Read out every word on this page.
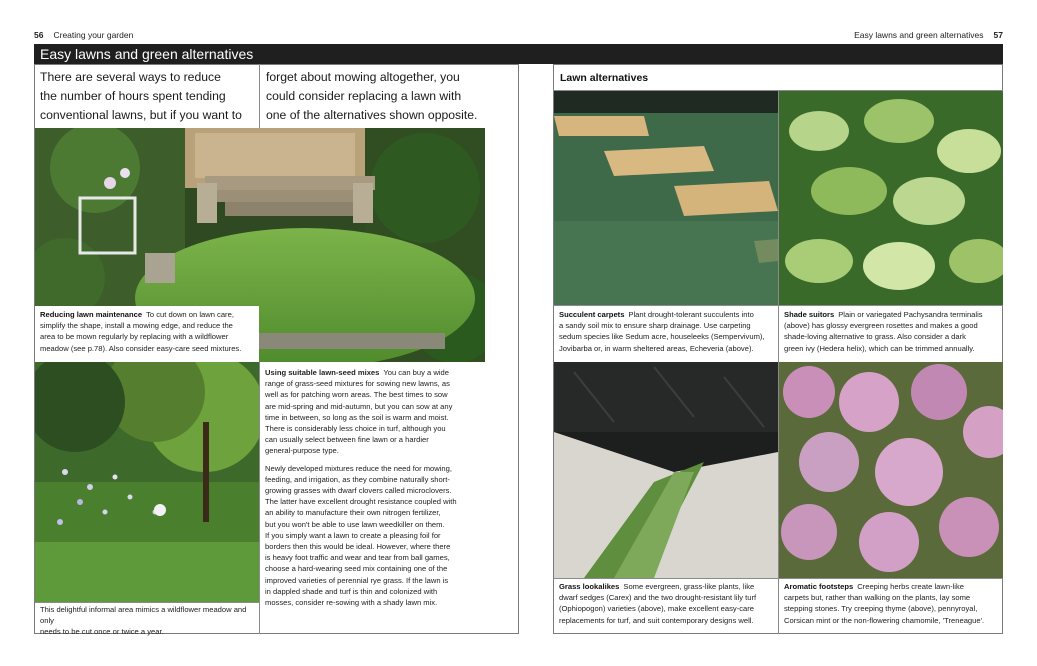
56 Creating your garden	Easy lawns and green alternatives 57
Easy lawns and green alternatives
There are several ways to reduce
the number of hours spent tending
conventional lawns, but if you want to
forget about mowing altogether, you
could consider replacing a lawn with
one of the alternatives shown opposite.
Reducing lawn maintenance To cut down on lawn care,
simplify the shape, install a mowing edge, and reduce the
area to be mown regularly by replacing with a wildflower
meadow (see p.78). Also consider easy-care seed mixtures.
This delightful informal area mimics a wildflower meadow and only
needs to be cut once or twice a year.

Using suitable lawn-seed mixes You can buy a wide
range of grass-seed mixtures for sowing new lawns, as
well as for patching worn areas. The best times to sow
are mid-spring and mid-autumn, but you can sow at any
time in between, so long as the soil is warm and moist.
There is considerably less choice in turf, although you
can usually select between fine lawn or a hardier
general-purpose type.

Newly developed mixtures reduce the need for mowing,
feeding, and irrigation, as they combine naturally short-
growing grasses with dwarf clovers called microclovers.
The latter have excellent drought resistance coupled with
an ability to manufacture their own nitrogen fertilizer,
but you won't be able to use lawn weedkiller on them.
If you simply want a lawn to create a pleasing foil for
borders then this would be ideal. However, where there
is heavy foot traffic and wear and tear from ball games,
choose a hard-wearing seed mix containing one of the
improved varieties of perennial rye grass. If the lawn is
in dappled shade and turf is thin and colonized with
mosses, consider re-sowing with a shady lawn mix.

Lawn alternatives
Succulent carpets Plant drought-tolerant succulents into
a sandy soil mix to ensure sharp drainage. Use carpeting
sedum species like Sedum acre, houseleeks (Sempervivum),
Jovibarba or, in warm sheltered areas, Echeveria (above).
Shade suitors Plain or variegated Pachysandra terminalis
(above) has glossy evergreen rosettes and makes a good
shade-loving alternative to grass. Also consider a dark
green ivy (Hedera helix), which can be trimmed annually.
Grass lookalikes Some evergreen, grass-like plants, like
dwarf sedges (Carex) and the two drought-resistant lily turf
(Ophiopogon) varieties (above), make excellent easy-care
replacements for turf, and suit contemporary designs well.
Aromatic footsteps Creeping herbs create lawn-like
carpets but, rather than walking on the plants, lay some
stepping stones. Try creeping thyme (above), pennyroyal,
Corsican mint or the non-flowering chamomile, 'Treneague'.
